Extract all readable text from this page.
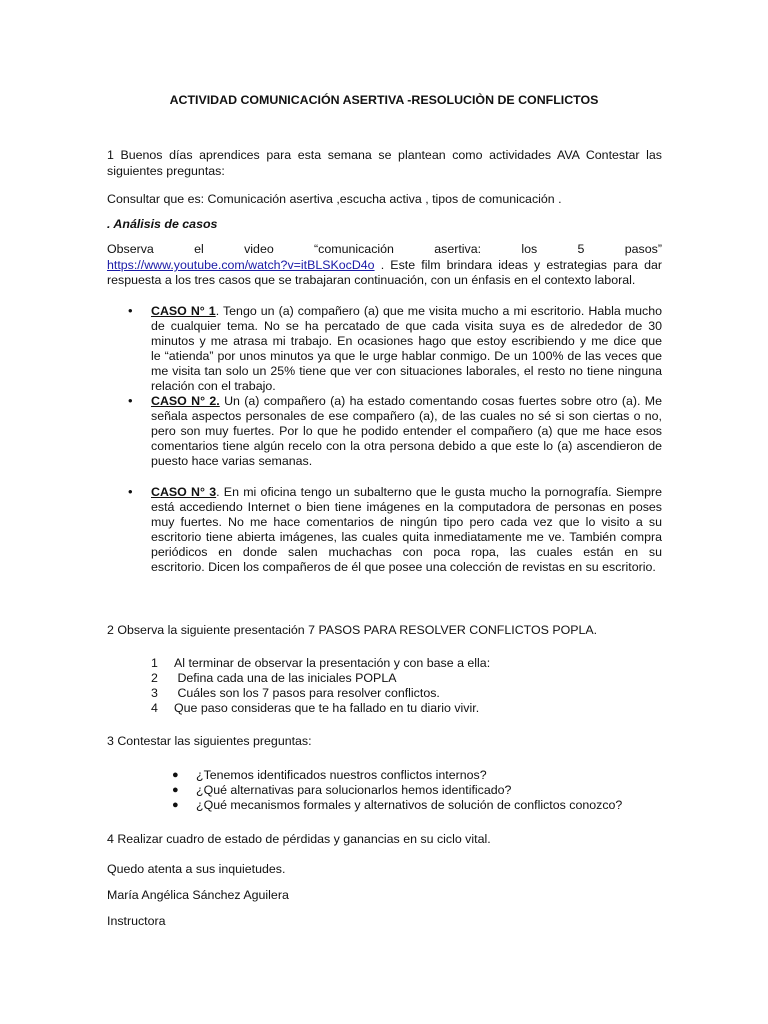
ACTIVIDAD COMUNICACIÓN ASERTIVA -RESOLUCIÒN DE CONFLICTOS
1 Buenos días aprendices para esta semana se plantean como actividades AVA Contestar las
siguientes preguntas:
Consultar que es: Comunicación asertiva ,escucha activa , tipos de comunicación .
. Análisis de casos
Observa	el	video	“comunicación	asertiva:	los	5	pasos”
https://www.youtube.com/watch?v=itBLSKocD4o . Este film brindara ideas y estrategias para dar
respuesta a los tres casos que se trabajaran continuación, con un énfasis en el contexto laboral.
• CASO N° 1. Tengo un (a) compañero (a) que me visita mucho a mi escritorio. Habla mucho
de cualquier tema. No se ha percatado de que cada visita suya es de alrededor de 30
minutos y me atrasa mi trabajo. En ocasiones hago que estoy escribiendo y me dice que
le “atienda” por unos minutos ya que le urge hablar conmigo. De un 100% de las veces que
me visita tan solo un 25% tiene que ver con situaciones laborales, el resto no tiene ninguna
relación con el trabajo.
• CASO N° 2. Un (a) compañero (a) ha estado comentando cosas fuertes sobre otro (a). Me
señala aspectos personales de ese compañero (a), de las cuales no sé si son ciertas o no,
pero son muy fuertes. Por lo que he podido entender el compañero (a) que me hace esos
comentarios tiene algún recelo con la otra persona debido a que este lo (a) ascendieron de
puesto hace varias semanas.
• CASO N° 3. En mi oficina tengo un subalterno que le gusta mucho la pornografía. Siempre
está accediendo Internet o bien tiene imágenes en la computadora de personas en poses
muy fuertes. No me hace comentarios de ningún tipo pero cada vez que lo visito a su
escritorio tiene abierta imágenes, las cuales quita inmediatamente me ve. También compra
periódicos en donde salen muchachas con poca ropa, las cuales están en su
escritorio. Dicen los compañeros de él que posee una colección de revistas en su escritorio.
2 Observa la siguiente presentación 7 PASOS PARA RESOLVER CONFLICTOS POPLA.
1 Al terminar de observar la presentación y con base a ella:
2 Defina cada una de las iniciales POPLA
3 Cuáles son los 7 pasos para resolver conflictos.
4 Que paso consideras que te ha fallado en tu diario vivir.
3 Contestar las siguientes preguntas:
● ¿Tenemos identificados nuestros conflictos internos?
● ¿Qué alternativas para solucionarlos hemos identificado?
● ¿Qué mecanismos formales y alternativos de solución de conflictos conozco?
4 Realizar cuadro de estado de pérdidas y ganancias en su ciclo vital.
Quedo atenta a sus inquietudes.
María Angélica Sánchez Aguilera
Instructora
